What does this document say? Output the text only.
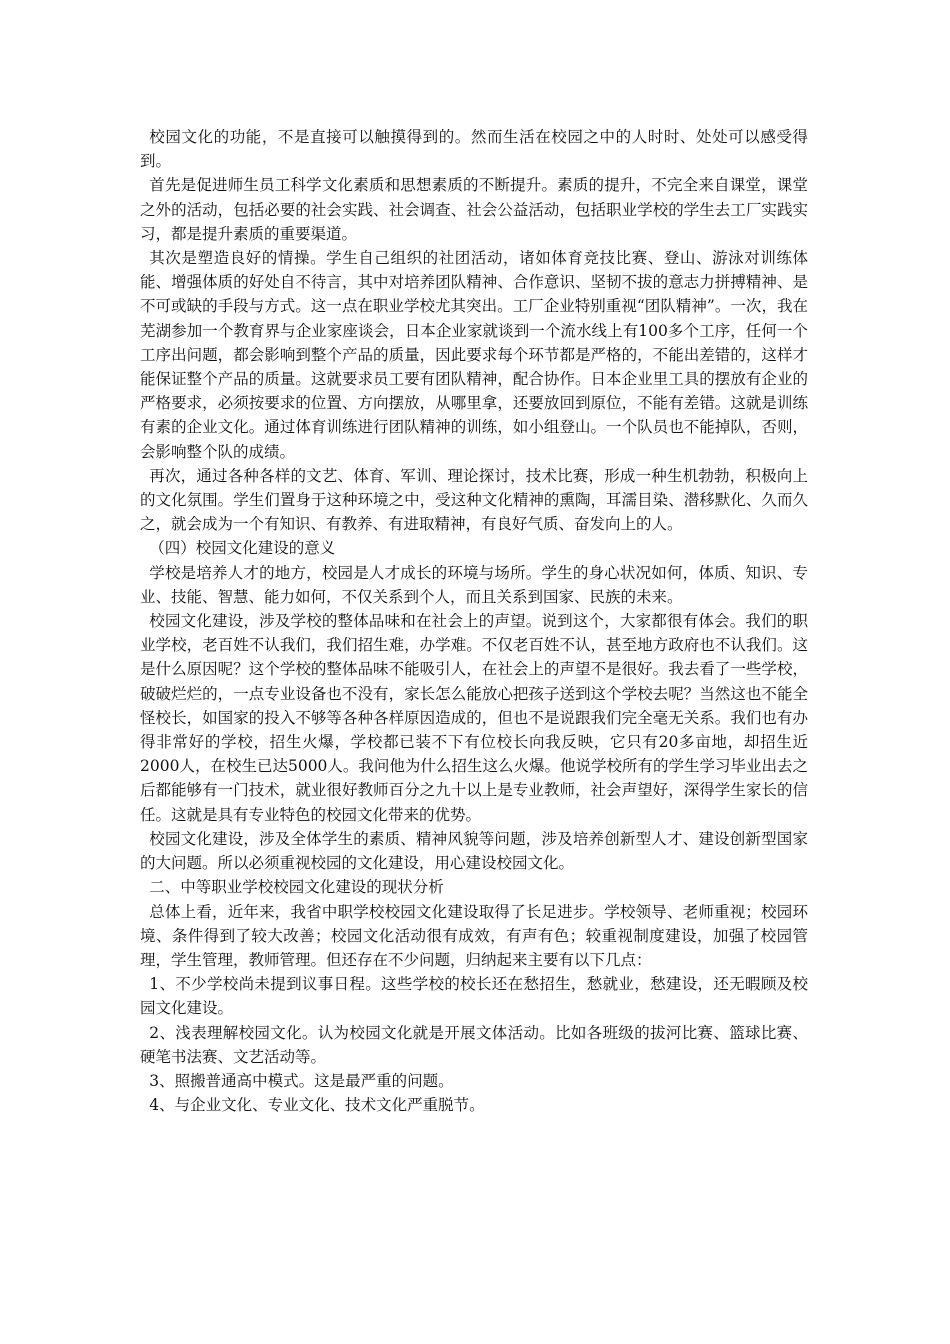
校园文化的功能，不是直接可以触摸得到的。然而生活在校园之中的人时时、处处可以感受得到。

首先是促进师生员工科学文化素质和思想素质的不断提升。素质的提升，不完全来自课堂，课堂之外的活动，包括必要的社会实践、社会调查、社会公益活动，包括职业学校的学生去工厂实践实习，都是提升素质的重要渠道。

其次是塑造良好的情操。学生自己组织的社团活动，诸如体育竞技比赛、登山、游泳对训练体能、增强体质的好处自不待言，其中对培养团队精神、合作意识、坚韧不拔的意志力拼搏精神、是不可或缺的手段与方式。这一点在职业学校尤其突出。工厂企业特别重视“团队精神”。一次，我在芜湖参加一个教育界与企业家座谈会，日本企业家就谈到一个流水线上有100多个工序，任何一个工序出问题，都会影响到整个产品的质量，因此要求每个环节都是严格的，不能出差错的，这样才能保证整个产品的质量。这就要求员工要有团队精神，配合协作。日本企业里工具的摆放有企业的严格要求，必须按要求的位置、方向摆放，从哪里拿，还要放回到原位，不能有差错。这就是训练有素的企业文化。通过体育训练进行团队精神的训练，如小组登山。一个队员也不能掉队，否则，会影响整个队的成绩。

再次，通过各种各样的文艺、体育、军训、理论探讨，技术比赛，形成一种生机勃勃，积极向上的文化氛围。学生们置身于这种环境之中，受这种文化精神的熏陶，耳濡目染、潜移默化、久而久之，就会成为一个有知识、有教养、有进取精神，有良好气质、奋发向上的人。

（四）校园文化建设的意义

学校是培养人才的地方，校园是人才成长的环境与场所。学生的身心状况如何，体质、知识、专业、技能、智慧、能力如何，不仅关系到个人，而且关系到国家、民族的未来。

校园文化建设，涉及学校的整体品味和在社会上的声望。说到这个，大家都很有体会。我们的职业学校，老百姓不认我们，我们招生难，办学难。不仅老百姓不认，甚至地方政府也不认我们。这是什么原因呢？这个学校的整体品味不能吸引人，在社会上的声望不是很好。我去看了一些学校，破破烂烂的，一点专业设备也不没有，家长怎么能放心把孩子送到这个学校去呢？当然这也不能全怪校长，如国家的投入不够等各种各样原因造成的，但也不是说跟我们完全毫无关系。我们也有办得非常好的学校，招生火爆，学校都已装不下有位校长向我反映，它只有20多亩地，却招生近2000人，在校生已达5000人。我问他为什么招生这么火爆。他说学校所有的学生学习毕业出去之后都能够有一门技术，就业很好教师百分之九十以上是专业教师，社会声望好，深得学生家长的信任。这就是具有专业特色的校园文化带来的优势。

校园文化建设，涉及全体学生的素质、精神风貌等问题，涉及培养创新型人才、建设创新型国家的大问题。所以必须重视校园的文化建设，用心建设校园文化。

二、中等职业学校校园文化建设的现状分析

总体上看，近年来，我省中职学校校园文化建设取得了长足进步。学校领导、老师重视；校园环境、条件得到了较大改善；校园文化活动很有成效，有声有色；较重视制度建设，加强了校园管理，学生管理，教师管理。但还存在不少问题，归纳起来主要有以下几点：

1、不少学校尚未提到议事日程。这些学校的校长还在愁招生，愁就业，愁建设，还无暇顾及校园文化建设。

2、浅表理解校园文化。认为校园文化就是开展文体活动。比如各班级的拔河比赛、篮球比赛、硬笔书法赛、文艺活动等。

3、照搬普通高中模式。这是最严重的问题。

4、与企业文化、专业文化、技术文化严重脱节。
